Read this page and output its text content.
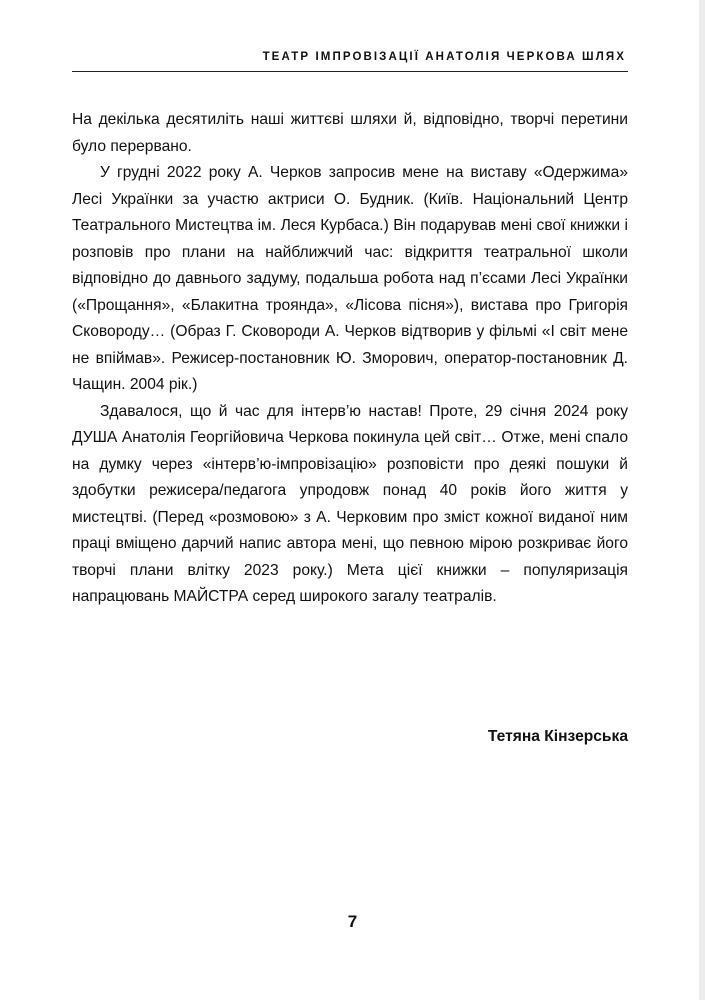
ТЕАТР ІМПРОВІЗАЦІЇ АНАТОЛІЯ ЧЕРКОВА ШЛЯХ

На декілька десятиліть наші життєві шляхи й, відповідно, творчі перетини було перервано.

У грудні 2022 року А. Черков запросив мене на виставу «Одержима» Лесі Українки за участю актриси О. Будник. (Київ. Національний Центр Театрального Мистецтва ім. Леся Курбаса.) Він подарував мені свої книжки і розповів про плани на найближчий час: відкриття театральної школи відповідно до давнього задуму, подальша робота над п’єсами Лесі Українки («Прощання», «Блакитна троянда», «Лісова пісня»), вистава про Григорія Сковороду… (Образ Г. Сковороди А. Черков відтворив у фільмі «І світ мене не впіймав». Режисер-постановник Ю. Зморович, оператор-постановник Д. Чащин. 2004 рік.)

Здавалося, що й час для інтерв’ю настав! Проте, 29 січня 2024 року ДУША Анатолія Георгійовича Черкова покинула цей світ… Отже, мені спало на думку через «інтерв’ю-імпровізацію» розповісти про деякі пошуки й здобутки режисера/педагога упродовж понад 40 років його життя у мистецтві. (Перед «розмовою» з А. Черковим про зміст кожної виданої ним праці вміщено дарчий напис автора мені, що певною мірою розкриває його творчі плани влітку 2023 року.) Мета цієї книжки – популяризація напрацювань МАЙСТРА серед широкого загалу театралів.

Тетяна Кінзерська
7
